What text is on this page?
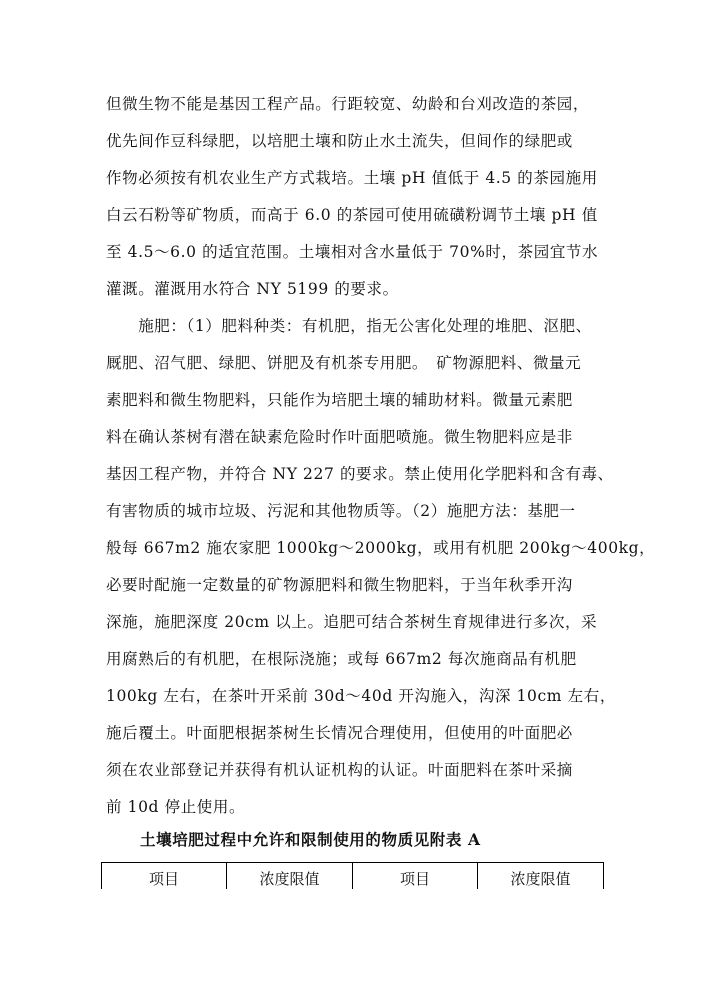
但微生物不能是基因工程产品。行距较宽、幼龄和台刈改造的茶园，
优先间作豆科绿肥，以培肥土壤和防止水土流失，但间作的绿肥或
作物必须按有机农业生产方式栽培。土壤 pH 值低于 4.5 的茶园施用
白云石粉等矿物质，而高于 6.0 的茶园可使用硫磺粉调节土壤 pH 值
至 4.5～6.0 的适宜范围。土壤相对含水量低于 70%时，茶园宜节水
灌溉。灌溉用水符合 NY 5199 的要求。
　　施肥：（1）肥料种类：有机肥，指无公害化处理的堆肥、沤肥、
厩肥、沼气肥、绿肥、饼肥及有机茶专用肥。　矿物源肥料、微量元
素肥料和微生物肥料，只能作为培肥土壤的辅助材料。微量元素肥
料在确认茶树有潜在缺素危险时作叶面肥喷施。微生物肥料应是非
基因工程产物，并符合 NY 227 的要求。禁止使用化学肥料和含有毒、
有害物质的城市垃圾、污泥和其他物质等。（2）施肥方法：基肥一
般每 667m2 施农家肥 1000kg～2000kg，或用有机肥 200kg～400kg，
必要时配施一定数量的矿物源肥料和微生物肥料，于当年秋季开沟
深施，施肥深度 20cm 以上。追肥可结合茶树生育规律进行多次，采
用腐熟后的有机肥，在根际浇施；或每 667m2 每次施商品有机肥
100kg 左右，在茶叶开采前 30d～40d 开沟施入，沟深 10cm 左右，
施后覆土。叶面肥根据茶树生长情况合理使用，但使用的叶面肥必
须在农业部登记并获得有机认证机构的认证。叶面肥料在茶叶采摘
前 10d 停止使用。
土壤培肥过程中允许和限制使用的物质见附表 A
项目	浓度限值	项目	浓度限值
